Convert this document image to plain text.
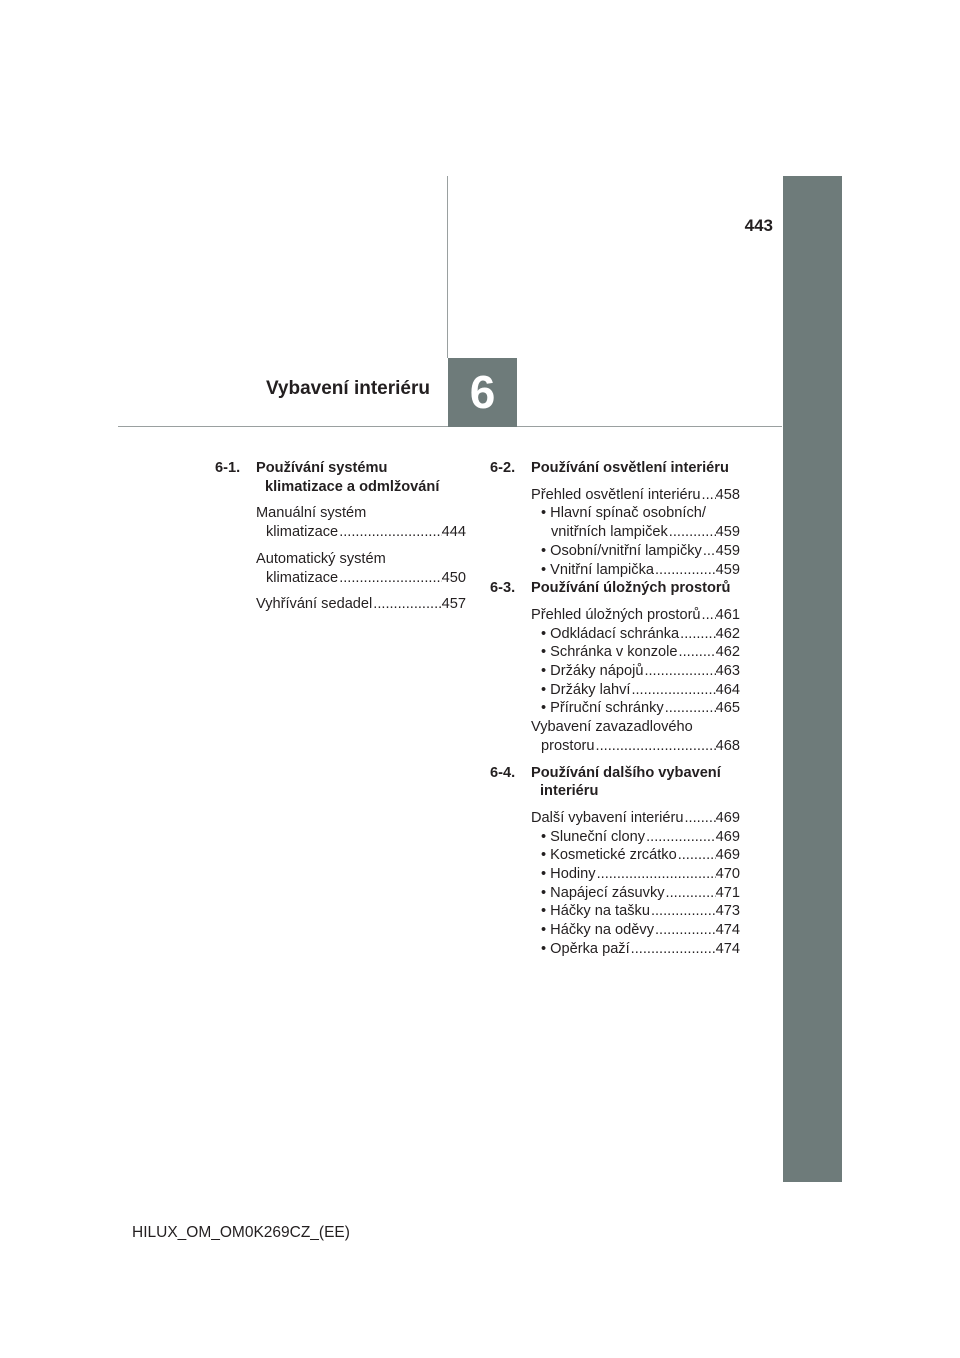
443
Vybavení interiéru 6
6-1.	Používání systému
klimatizace a odmlžování
Manuální systém
klimatizace .....	444
Automatický systém
klimatizace .....	450
Vyhřívání sedadel .....	457
6-2.	Používání osvětlení interiéru
Přehled osvětlení interiéru ..... 458
• Hlavní spínač osobních/
vnitřních lampiček .....	459
• Osobní/vnitřní lampičky ..... 459
• Vnitřní lampička .....	459
6-3.	Používání úložných prostorů
Přehled úložných prostorů ..... 461
• Odkládací schránka ..... 462
• Schránka v konzole .....	462
• Držáky nápojů .....	463
• Držáky lahví .....	464
• Příruční schránky .....	465
Vybavení zavazadlového
prostoru .....	468
6-4.	Používání dalšího vybavení
interiéru
Další vybavení interiéru ..... 469
• Sluneční clony .....	469
• Kosmetické zrcátko .....	469
• Hodiny .....	470
• Napájecí zásuvky .....	471
• Háčky na tašku .....	473
• Háčky na oděvy .....	474
• Opěrka paží .....	474
HILUX_OM_OM0K269CZ_(EE)
